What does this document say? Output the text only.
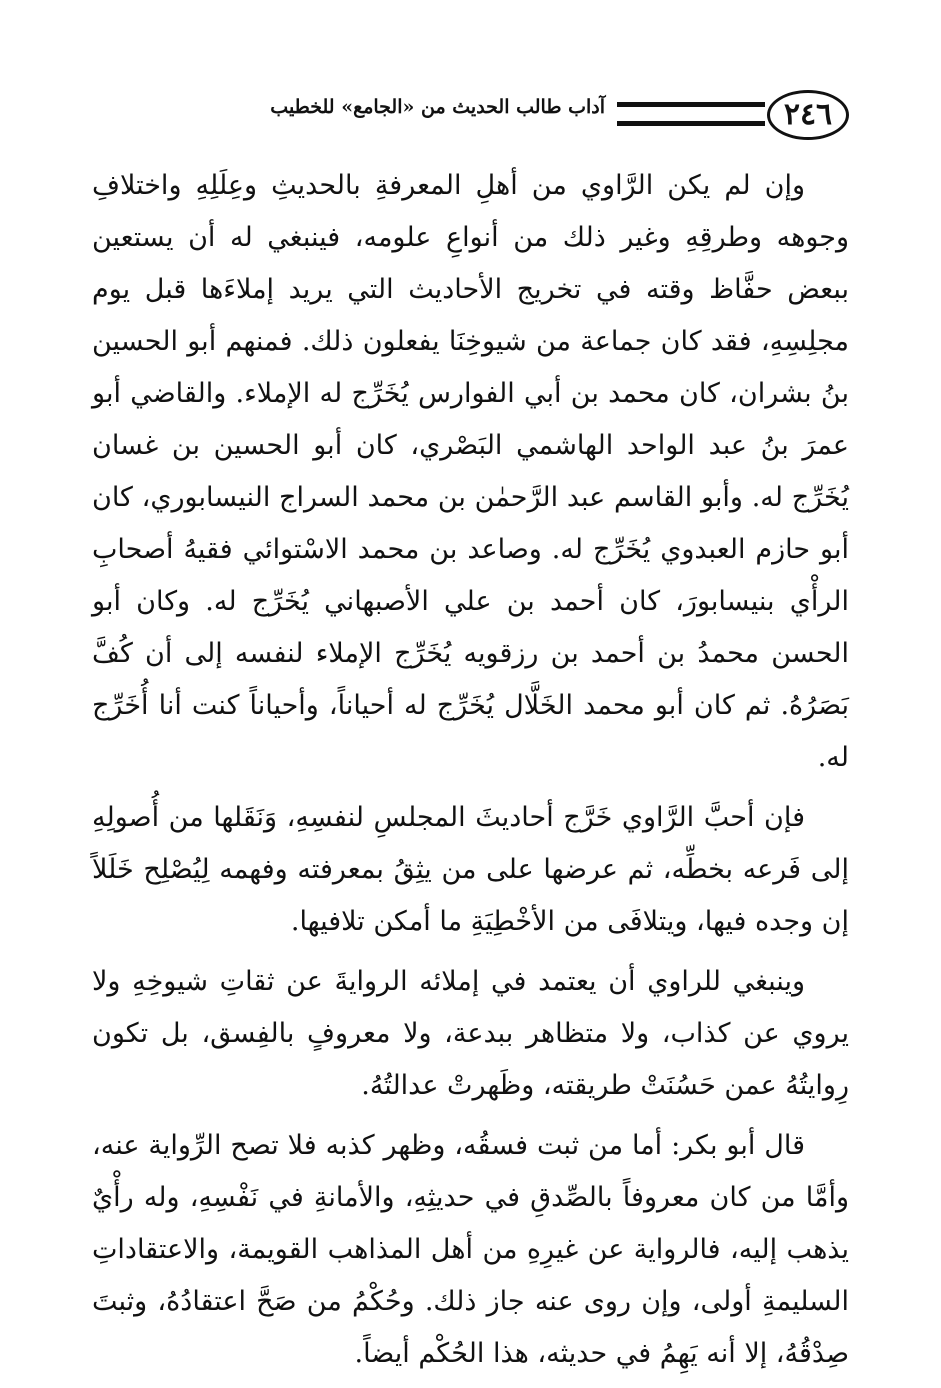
٢٤٦
آداب طالب الحديث من «الجامع» للخطيب

وإن لم يكن الرَّاوي من أهلِ المعرفةِ بالحديثِ وعِلَلِهِ واختلافِ وجوهه وطرقِهِ وغير ذلك من أنواعِ علومه، فينبغي له أن يستعين ببعض حفَّاظ وقته في تخريج الأحاديث التي يريد إملاءَها قبل يوم مجلِسِهِ، فقد كان جماعة من شيوخِنَا يفعلون ذلك. فمنهم أبو الحسين بنُ بشران، كان محمد بن أبي الفوارس يُخَرِّج له الإملاء. والقاضي أبو عمرَ بنُ عبد الواحد الهاشمي البَصْري، كان أبو الحسين بن غسان يُخَرِّج له. وأبو القاسم عبد الرَّحمٰن بن محمد السراج النيسابوري، كان أبو حازم العبدوي يُخَرِّج له. وصاعد بن محمد الاسْتوائي فقيهُ أصحابِ الرأْي بنيسابورَ، كان أحمد بن علي الأصبهاني يُخَرِّج له. وكان أبو الحسن محمدُ بن أحمد بن رزقويه يُخَرِّج الإملاء لنفسه إلى أن كُفَّ بَصَرُهُ. ثم كان أبو محمد الخَلَّال يُخَرِّج له أحياناً، وأحياناً كنت أنا أُخَرِّج له.

فإن أحبَّ الرَّاوي خَرَّج أحاديثَ المجلسِ لنفسِهِ، وَنَقَلها من أُصولِهِ إلى فَرعه بخطِّه، ثم عرضها على من يثِقُ بمعرفته وفهمه لِيُصْلِح خَلَلاً إن وجده فيها، ويتلافَى من الأخْطِيَةِ ما أمكن تلافيها.

وينبغي للراوي أن يعتمد في إملائه الروايةَ عن ثقاتِ شيوخِهِ ولا يروي عن كذاب، ولا متظاهر ببدعة، ولا معروفٍ بالفِسق، بل تكون رِوايتُهُ عمن حَسُنَتْ طريقته، وظَهرتْ عدالتُهُ.

قال أبو بكر: أما من ثبت فسقُه، وظهر كذبه فلا تصح الرِّواية عنه، وأمَّا من كان معروفاً بالصِّدقِ في حديثِهِ، والأمانةِ في نَفْسِهِ، وله رأْيٌ يذهب إليه، فالرواية عن غيرِهِ من أهل المذاهب القويمة، والاعتقاداتِ السليمةِ أولى، وإن روى عنه جاز ذلك. وحُكْمُ من صَحَّ اعتقادُهُ، وثبتَ صِدْقُهُ، إلا أنه يَهِمُ في حديثه، هذا الحُكْم أيضاً.
